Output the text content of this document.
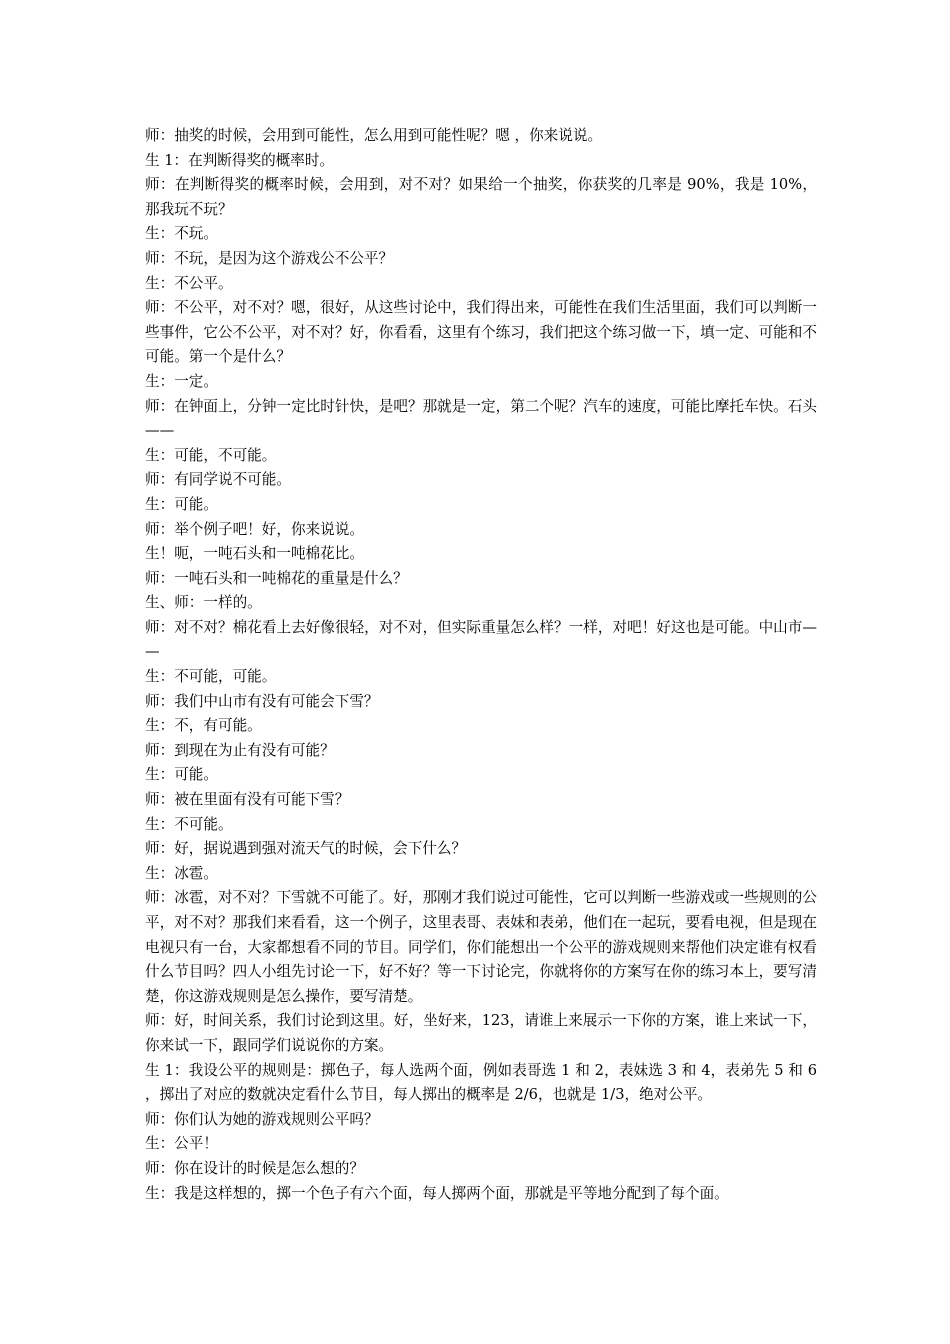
师：抽奖的时候，会用到可能性，怎么用到可能性呢？嗯 ，你来说说。

生 1：在判断得奖的概率时。

师：在判断得奖的概率时候，会用到，对不对？如果给一个抽奖，你获奖的几率是 90%，我是 10%，那我玩不玩？

生：不玩。

师：不玩，是因为这个游戏公不公平？

生：不公平。

师：不公平，对不对？嗯，很好，从这些讨论中，我们得出来，可能性在我们生活里面，我们可以判断一些事件，它公不公平，对不对？好，你看看，这里有个练习，我们把这个练习做一下，填一定、可能和不可能。第一个是什么？

生：一定。

师：在钟面上，分钟一定比时针快，是吧？那就是一定，第二个呢？汽车的速度，可能比摩托车快。石头——

生：可能，不可能。

师：有同学说不可能。

生：可能。

师：举个例子吧！好，你来说说。

生！呃，一吨石头和一吨棉花比。

师：一吨石头和一吨棉花的重量是什么？

生、师：一样的。

师：对不对？棉花看上去好像很轻，对不对，但实际重量怎么样？一样，对吧！好这也是可能。中山市——

生：不可能，可能。

师：我们中山市有没有可能会下雪？

生：不，有可能。

师：到现在为止有没有可能？

生：可能。

师：被在里面有没有可能下雪？

生：不可能。

师：好，据说遇到强对流天气的时候，会下什么？

生：冰雹。

师：冰雹，对不对？下雪就不可能了。好，那刚才我们说过可能性，它可以判断一些游戏或一些规则的公平，对不对？那我们来看看，这一个例子，这里表哥、表妹和表弟，他们在一起玩，要看电视，但是现在电视只有一台，大家都想看不同的节目。同学们，你们能想出一个公平的游戏规则来帮他们决定谁有权看什么节目吗？四人小组先讨论一下，好不好？等一下讨论完，你就将你的方案写在你的练习本上，要写清楚，你这游戏规则是怎么操作，要写清楚。

师：好，时间关系，我们讨论到这里。好，坐好来，123，请谁上来展示一下你的方案，谁上来试一下，你来试一下，跟同学们说说你的方案。

生 1：我设公平的规则是：掷色子，每人选两个面，例如表哥选 1 和 2，表妹选 3 和 4，表弟先 5 和 6，掷出了对应的数就决定看什么节目，每人掷出的概率是 2/6，也就是 1/3，绝对公平。

师：你们认为她的游戏规则公平吗？

生：公平！

师：你在设计的时候是怎么想的？

生：我是这样想的，掷一个色子有六个面，每人掷两个面，那就是平等地分配到了每个面。
